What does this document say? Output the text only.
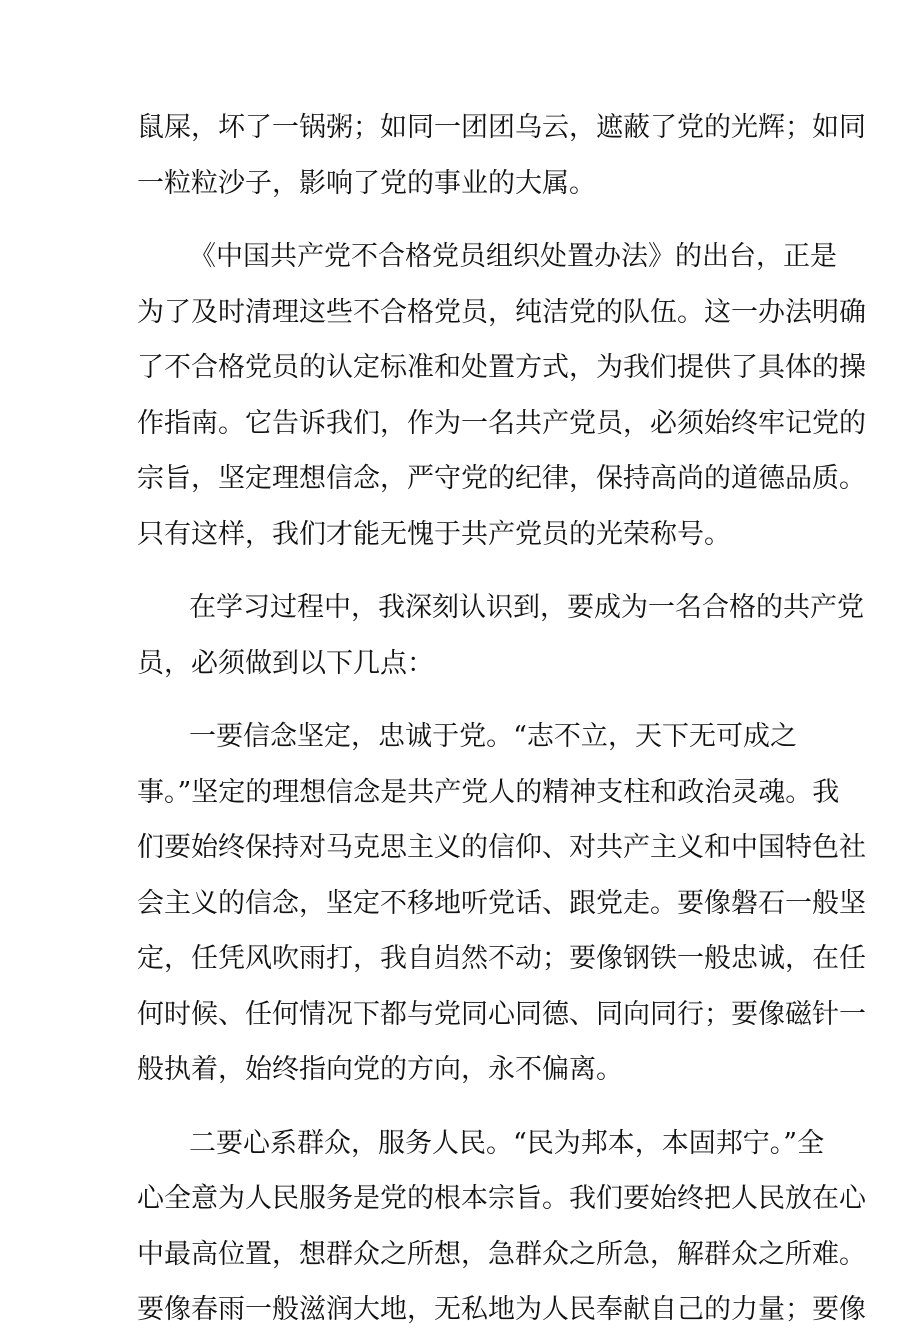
鼠屎，坏了一锅粥；如同一团团乌云，遮蔽了党的光辉；如同
一粒粒沙子，影响了党的事业的大属。

《中国共产党不合格党员组织处置办法》的出台，正是
为了及时清理这些不合格党员，纯洁党的队伍。这一办法明确
了不合格党员的认定标准和处置方式，为我们提供了具体的操
作指南。它告诉我们，作为一名共产党员，必须始终牢记党的
宗旨，坚定理想信念，严守党的纪律，保持高尚的道德品质。
只有这样，我们才能无愧于共产党员的光荣称号。

在学习过程中，我深刻认识到，要成为一名合格的共产党
员，必须做到以下几点：

一要信念坚定，忠诚于党。“志不立，天下无可成之
事。”坚定的理想信念是共产党人的精神支柱和政治灵魂。我
们要始终保持对马克思主义的信仰、对共产主义和中国特色社
会主义的信念，坚定不移地听党话、跟党走。要像磐石一般坚
定，任凭风吹雨打，我自岿然不动；要像钢铁一般忠诚，在任
何时候、任何情况下都与党同心同德、同向同行；要像磁针一
般执着，始终指向党的方向，永不偏离。

二要心系群众，服务人民。“民为邦本，本固邦宁。”全
心全意为人民服务是党的根本宗旨。我们要始终把人民放在心
中最高位置，想群众之所想，急群众之所急，解群众之所难。
要像春雨一般滋润大地，无私地为人民奉献自己的力量；要像
